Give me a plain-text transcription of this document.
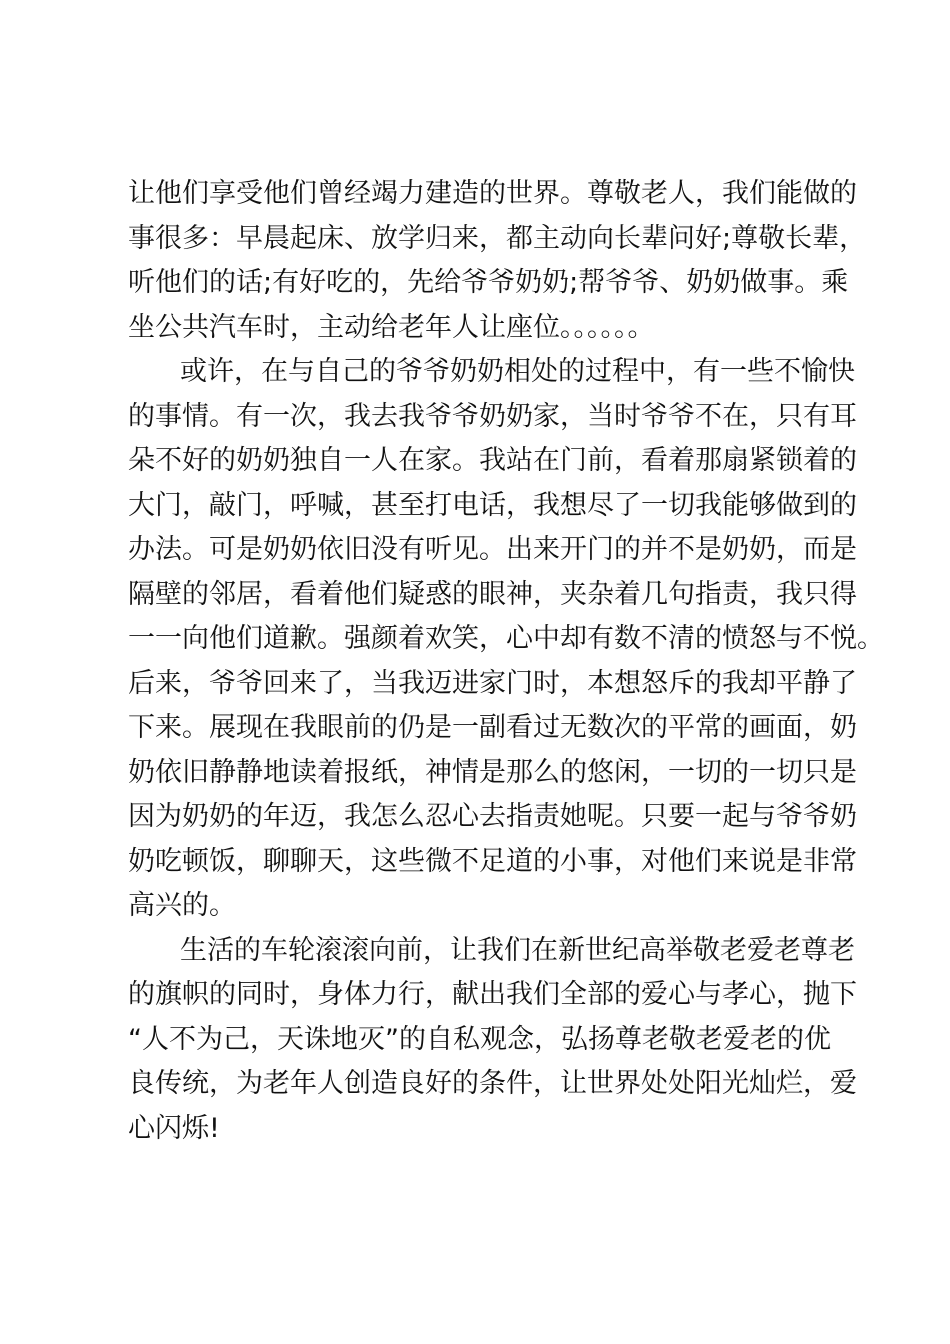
让他们享受他们曾经竭力建造的世界。尊敬老人，我们能做的
事很多：早晨起床、放学归来，都主动向长辈问好;尊敬长辈，
听他们的话;有好吃的，先给爷爷奶奶;帮爷爷、奶奶做事。乘
坐公共汽车时，主动给老年人让座位。。。。。。
或许，在与自己的爷爷奶奶相处的过程中，有一些不愉快
的事情。有一次，我去我爷爷奶奶家，当时爷爷不在，只有耳
朵不好的奶奶独自一人在家。我站在门前，看着那扇紧锁着的
大门，敲门，呼喊，甚至打电话，我想尽了一切我能够做到的
办法。可是奶奶依旧没有听见。出来开门的并不是奶奶，而是
隔壁的邻居，看着他们疑惑的眼神，夹杂着几句指责，我只得
一一向他们道歉。强颜着欢笑，心中却有数不清的愤怒与不悦。
后来，爷爷回来了，当我迈进家门时，本想怒斥的我却平静了
下来。展现在我眼前的仍是一副看过无数次的平常的画面，奶
奶依旧静静地读着报纸，神情是那么的悠闲，一切的一切只是
因为奶奶的年迈，我怎么忍心去指责她呢。只要一起与爷爷奶
奶吃顿饭，聊聊天，这些微不足道的小事，对他们来说是非常
高兴的。
生活的车轮滚滚向前，让我们在新世纪高举敬老爱老尊老
的旗帜的同时，身体力行，献出我们全部的爱心与孝心，抛下
“人不为己，天诛地灭”的自私观念，弘扬尊老敬老爱老的优
良传统，为老年人创造良好的条件，让世界处处阳光灿烂，爱
心闪烁!
